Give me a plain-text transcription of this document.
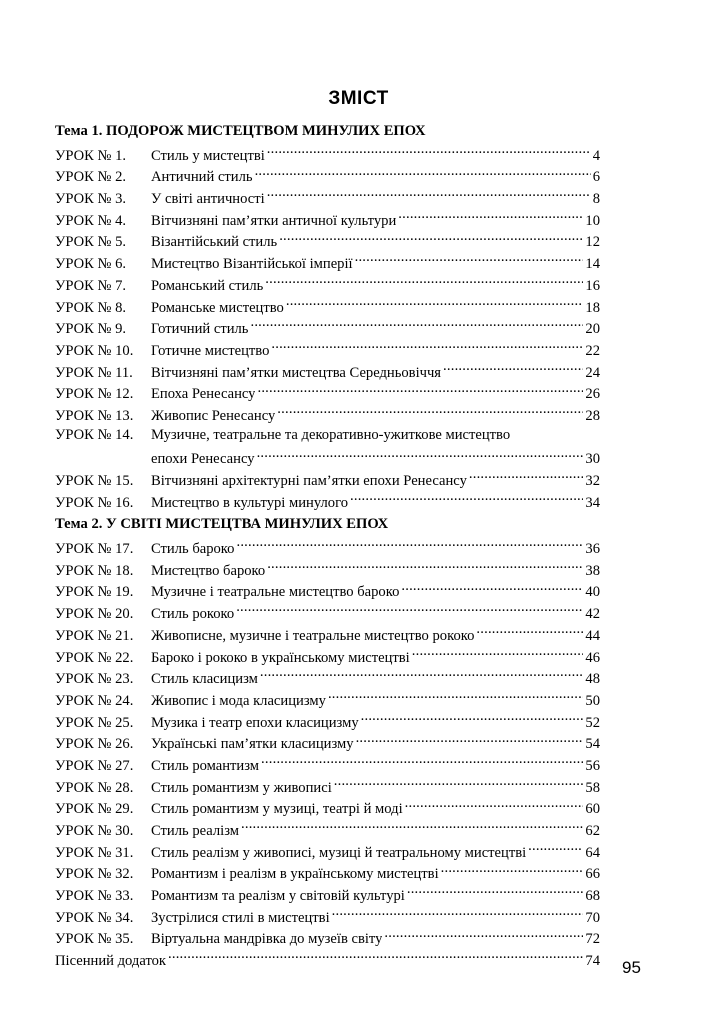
ЗМІСТ
Тема 1. ПОДОРОЖ МИСТЕЦТВОМ МИНУЛИХ ЕПОХ
УРОК № 1.	Стиль у мистецтві .....	4
УРОК № 2.	Античний стиль .....	6
УРОК № 3.	У світі античності .....	8
УРОК № 4.	Вітчизняні пам’ятки античної культури .....	10
УРОК № 5.	Візантійський стиль .....	12
УРОК № 6.	Мистецтво Візантійської імперії .....	14
УРОК № 7.	Романський стиль .....	16
УРОК № 8.	Романське мистецтво .....	18
УРОК № 9.	Готичний стиль .....	20
УРОК № 10.	Готичне мистецтво .....	22
УРОК № 11.	Вітчизняні пам’ятки мистецтва Середньовіччя .....	24
УРОК № 12.	Епоха Ренесансу .....	26
УРОК № 13.	Живопис Ренесансу .....	28
УРОК № 14.	Музичне, театральне та декоративно-ужиткове мистецтво
епохи Ренесансу .....	30
УРОК № 15.	Вітчизняні архітектурні пам’ятки епохи Ренесансу .....	32
УРОК № 16.	Мистецтво в культурі минулого .....	34
Тема 2. У СВІТІ МИСТЕЦТВА МИНУЛИХ ЕПОХ
УРОК № 17.	Стиль бароко .....	36
УРОК № 18.	Мистецтво бароко .....	38
УРОК № 19.	Музичне і театральне мистецтво бароко .....	40
УРОК № 20.	Стиль рококо .....	42
УРОК № 21.	Живописне, музичне і театральне мистецтво рококо .....	44
УРОК № 22.	Бароко і рококо в українському мистецтві .....	46
УРОК № 23.	Стиль класицизм .....	48
УРОК № 24.	Живопис і мода класицизму .....	50
УРОК № 25.	Музика і театр епохи класицизму .....	52
УРОК № 26.	Українські пам’ятки класицизму .....	54
УРОК № 27.	Стиль романтизм .....	56
УРОК № 28.	Стиль романтизм у живописі .....	58
УРОК № 29.	Стиль романтизм у музиці, театрі й моді .....	60
УРОК № 30.	Стиль реалізм .....	62
УРОК № 31.	Стиль реалізм у живописі, музиці й театральному мистецтві .....	64
УРОК № 32.	Романтизм і реалізм в українському мистецтві .....	66
УРОК № 33.	Романтизм та реалізм у світовій культурі .....	68
УРОК № 34.	Зустрілися стилі в мистецтві .....	70
УРОК № 35.	Віртуальна мандрівка до музеїв світу .....	72
Пісенний додаток .....	74 95
